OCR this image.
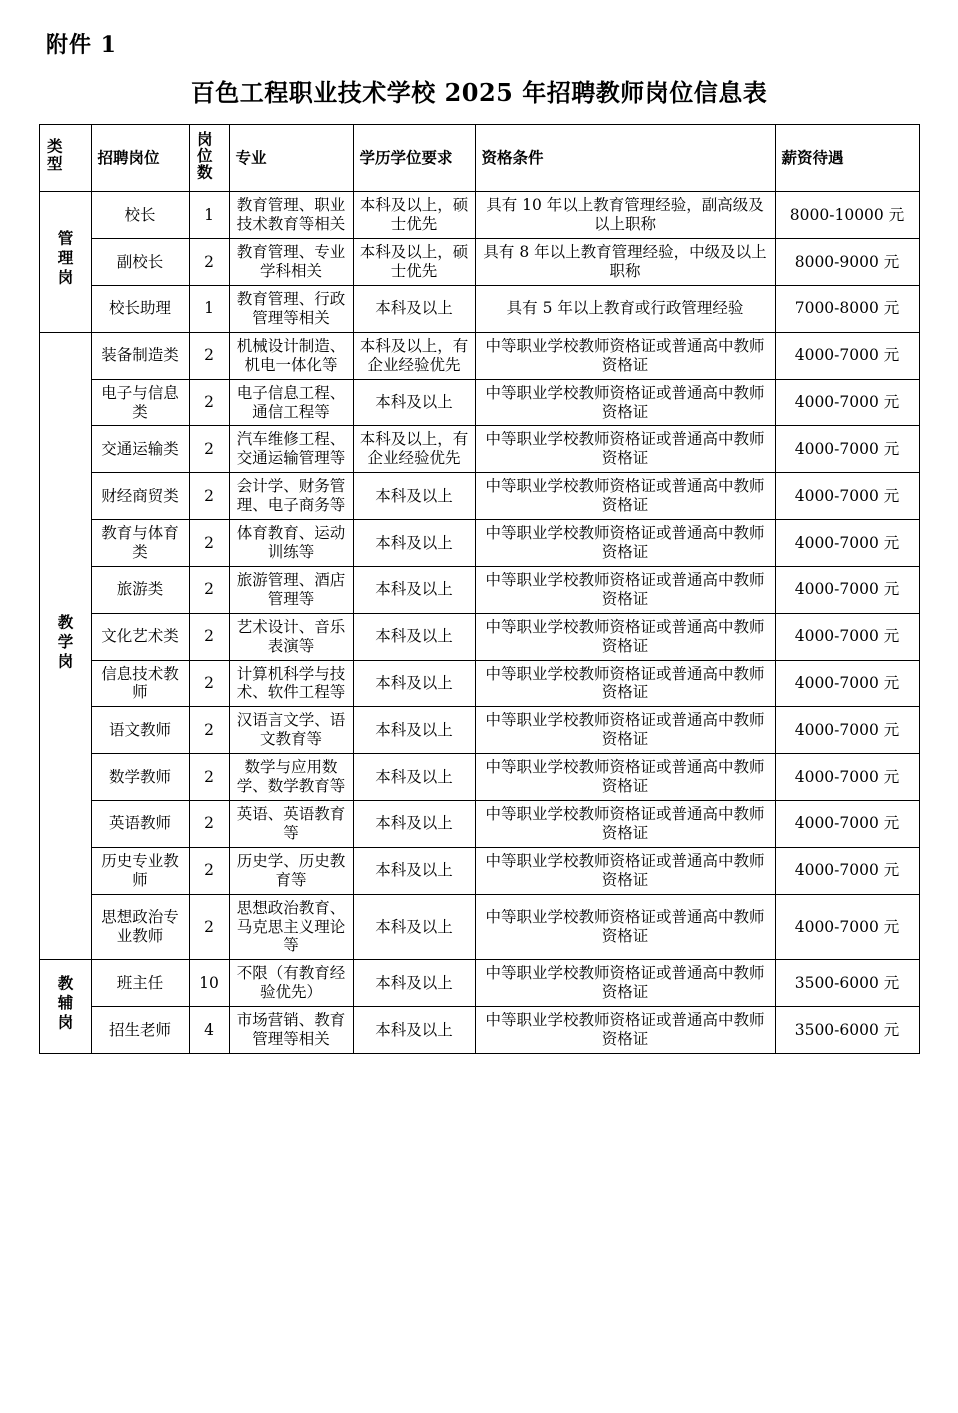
附件 1
百色工程职业技术学校 2025 年招聘教师岗位信息表
类型	招聘岗位	岗位数	专业	学历学位要求	资格条件	薪资待遇
管理岗	校长	1	教育管理、职业技术教育等相关	本科及以上，硕士优先	具有 10 年以上教育管理经验，副高级及以上职称	8000-10000 元
	副校长	2	教育管理、专业学科相关	本科及以上，硕士优先	具有 8 年以上教育管理经验，中级及以上职称	8000-9000 元
	校长助理	1	教育管理、行政管理等相关	本科及以上	具有 5 年以上教育或行政管理经验	7000-8000 元
教学岗	装备制造类	2	机械设计制造、机电一体化等	本科及以上，有企业经验优先	中等职业学校教师资格证或普通高中教师资格证	4000-7000 元
	电子与信息类	2	电子信息工程、通信工程等	本科及以上	中等职业学校教师资格证或普通高中教师资格证	4000-7000 元
	交通运输类	2	汽车维修工程、交通运输管理等	本科及以上，有企业经验优先	中等职业学校教师资格证或普通高中教师资格证	4000-7000 元
	财经商贸类	2	会计学、财务管理、电子商务等	本科及以上	中等职业学校教师资格证或普通高中教师资格证	4000-7000 元
	教育与体育类	2	体育教育、运动训练等	本科及以上	中等职业学校教师资格证或普通高中教师资格证	4000-7000 元
	旅游类	2	旅游管理、酒店管理等	本科及以上	中等职业学校教师资格证或普通高中教师资格证	4000-7000 元
	文化艺术类	2	艺术设计、音乐表演等	本科及以上	中等职业学校教师资格证或普通高中教师资格证	4000-7000 元
	信息技术教师	2	计算机科学与技术、软件工程等	本科及以上	中等职业学校教师资格证或普通高中教师资格证	4000-7000 元
	语文教师	2	汉语言文学、语文教育等	本科及以上	中等职业学校教师资格证或普通高中教师资格证	4000-7000 元
	数学教师	2	数学与应用数学、数学教育等	本科及以上	中等职业学校教师资格证或普通高中教师资格证	4000-7000 元
	英语教师	2	英语、英语教育等	本科及以上	中等职业学校教师资格证或普通高中教师资格证	4000-7000 元
	历史专业教师	2	历史学、历史教育等	本科及以上	中等职业学校教师资格证或普通高中教师资格证	4000-7000 元
	思想政治专业教师	2	思想政治教育、马克思主义理论等	本科及以上	中等职业学校教师资格证或普通高中教师资格证	4000-7000 元
教辅岗	班主任	10	不限（有教育经验优先）	本科及以上	中等职业学校教师资格证或普通高中教师资格证	3500-6000 元
	招生老师	4	市场营销、教育管理等相关	本科及以上	中等职业学校教师资格证或普通高中教师资格证	3500-6000 元
